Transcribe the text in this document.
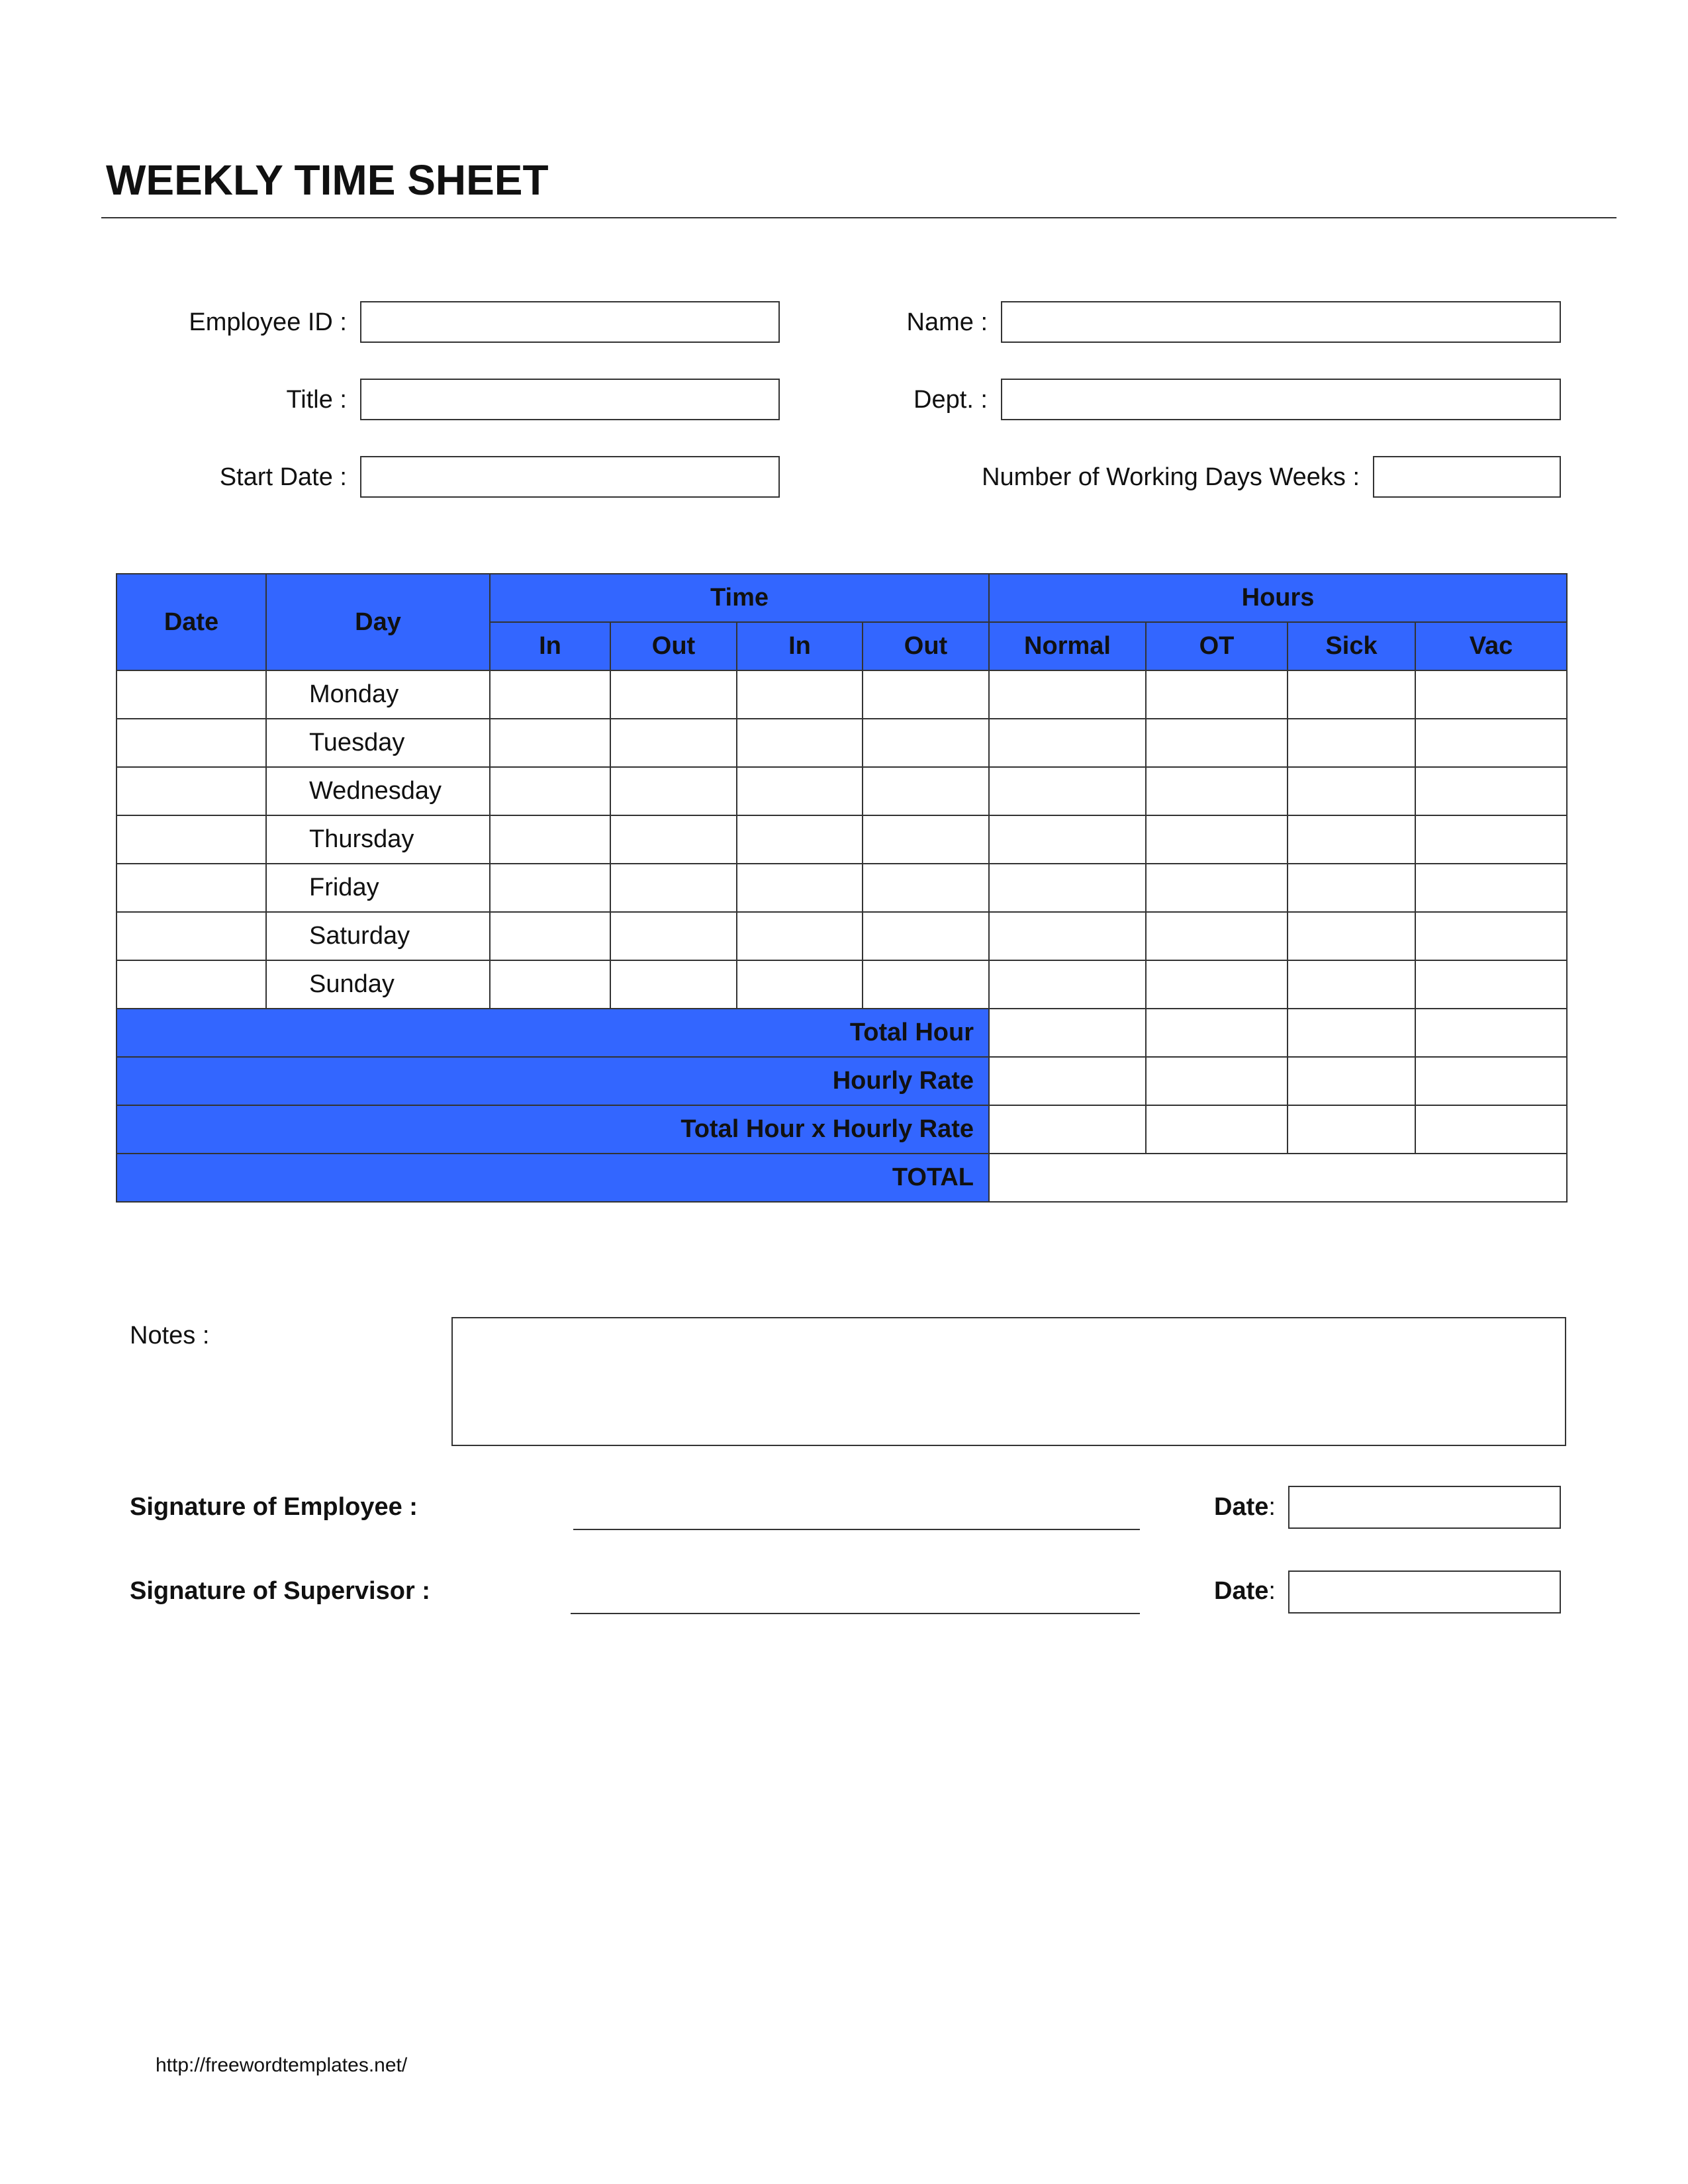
WEEKLY TIME SHEET
Employee ID :	Name :
Title :	Dept. :
Start Date :	Number of Working Days Weeks :
Date	Day	Time				Hours			
		In	Out	In	Out	Normal	OT	Sick	Vac
	Monday								
	Tuesday								
	Wednesday								
	Thursday								
	Friday								
	Saturday								
	Sunday								
Total Hour									
Hourly Rate									
Total Hour x Hourly Rate									
TOTAL									
Notes :
Signature of Employee :	Date:
Signature of Supervisor :	Date:
http://freewordtemplates.net/
